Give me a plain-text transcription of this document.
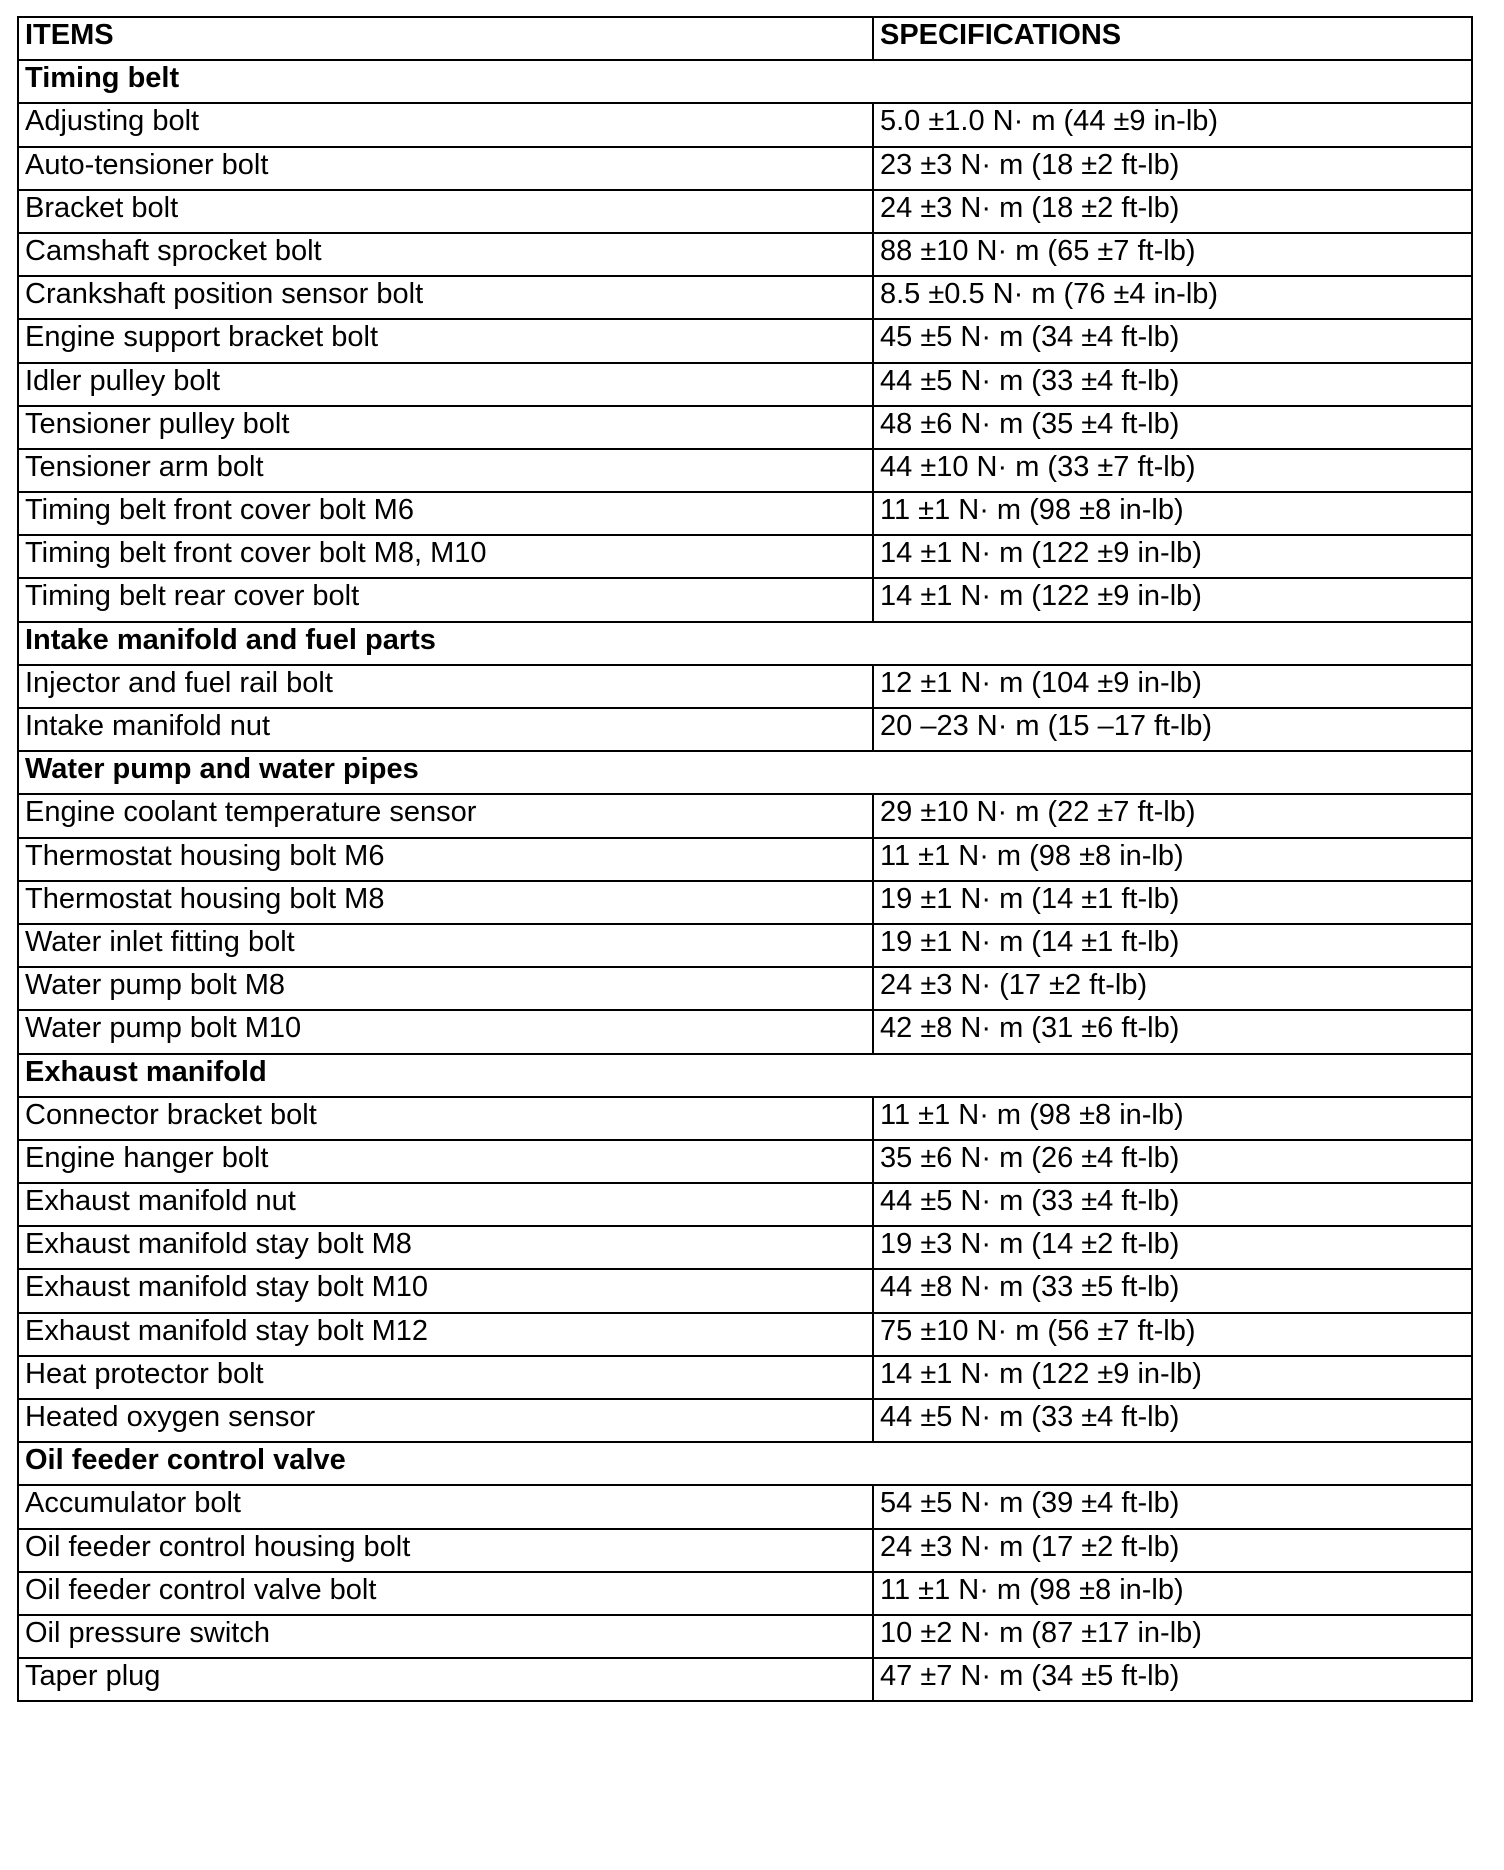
ITEMS	SPECIFICATIONS
Timing belt	
Adjusting bolt	5.0 ±1.0 N· m (44 ±9 in-lb)
Auto-tensioner bolt	23 ±3 N· m (18 ±2 ft-lb)
Bracket bolt	24 ±3 N· m (18 ±2 ft-lb)
Camshaft sprocket bolt	88 ±10 N· m (65 ±7 ft-lb)
Crankshaft position sensor bolt	8.5 ±0.5 N· m (76 ±4 in-lb)
Engine support bracket bolt	45 ±5 N· m (34 ±4 ft-lb)
Idler pulley bolt	44 ±5 N· m (33 ±4 ft-lb)
Tensioner pulley bolt	48 ±6 N· m (35 ±4 ft-lb)
Tensioner arm bolt	44 ±10 N· m (33 ±7 ft-lb)
Timing belt front cover bolt M6	11 ±1 N· m (98 ±8 in-lb)
Timing belt front cover bolt M8, M10	14 ±1 N· m (122 ±9 in-lb)
Timing belt rear cover bolt	14 ±1 N· m (122 ±9 in-lb)
Intake manifold and fuel parts	
Injector and fuel rail bolt	12 ±1 N· m (104 ±9 in-lb)
Intake manifold nut	20 –23 N· m (15 –17 ft-lb)
Water pump and water pipes	
Engine coolant temperature sensor	29 ±10 N· m (22 ±7 ft-lb)
Thermostat housing bolt M6	11 ±1 N· m (98 ±8 in-lb)
Thermostat housing bolt M8	19 ±1 N· m (14 ±1 ft-lb)
Water inlet fitting bolt	19 ±1 N· m (14 ±1 ft-lb)
Water pump bolt M8	24 ±3 N· (17 ±2 ft-lb)
Water pump bolt M10	42 ±8 N· m (31 ±6 ft-lb)
Exhaust manifold	
Connector bracket bolt	11 ±1 N· m (98 ±8 in-lb)
Engine hanger bolt	35 ±6 N· m (26 ±4 ft-lb)
Exhaust manifold nut	44 ±5 N· m (33 ±4 ft-lb)
Exhaust manifold stay bolt M8	19 ±3 N· m (14 ±2 ft-lb)
Exhaust manifold stay bolt M10	44 ±8 N· m (33 ±5 ft-lb)
Exhaust manifold stay bolt M12	75 ±10 N· m (56 ±7 ft-lb)
Heat protector bolt	14 ±1 N· m (122 ±9 in-lb)
Heated oxygen sensor	44 ±5 N· m (33 ±4 ft-lb)
Oil feeder control valve	
Accumulator bolt	54 ±5 N· m (39 ±4 ft-lb)
Oil feeder control housing bolt	24 ±3 N· m (17 ±2 ft-lb)
Oil feeder control valve bolt	11 ±1 N· m (98 ±8 in-lb)
Oil pressure switch	10 ±2 N· m (87 ±17 in-lb)
Taper plug	47 ±7 N· m (34 ±5 ft-lb)
